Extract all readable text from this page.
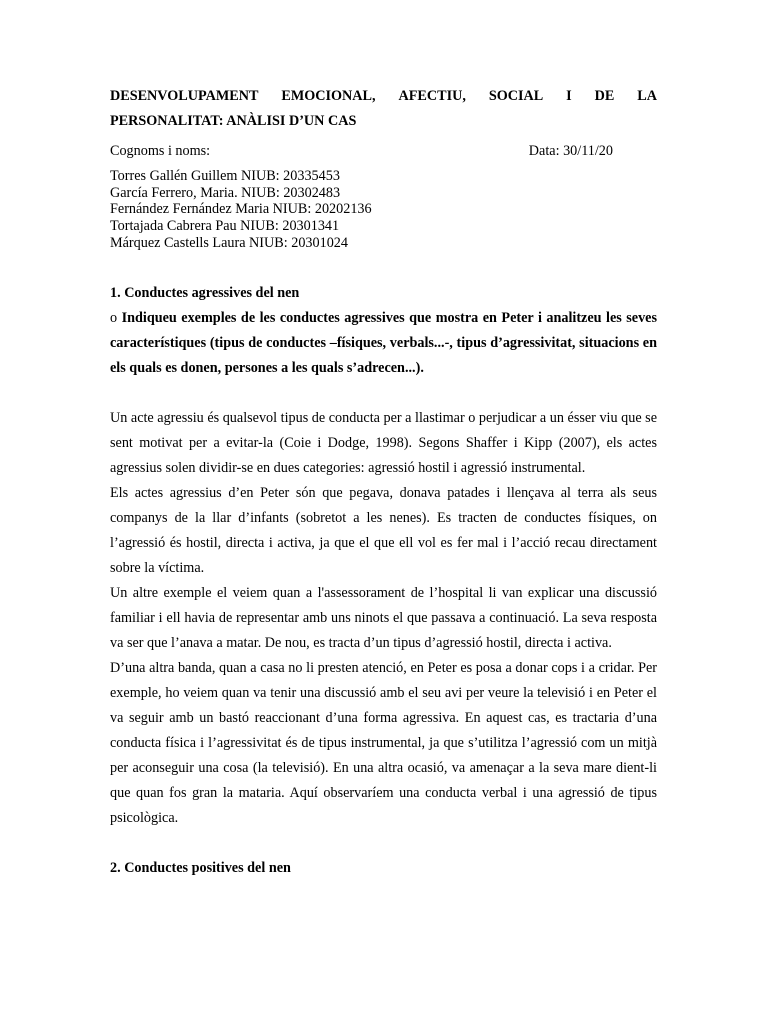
DESENVOLUPAMENT EMOCIONAL, AFECTIU, SOCIAL I DE LA
PERSONALITAT: ANÀLISI D’UN CAS
Cognoms i noms:	Data: 30/11/20
Torres Gallén Guillem NIUB: 20335453
García Ferrero, Maria. NIUB: 20302483
Fernández Fernández Maria NIUB: 20202136
Tortajada Cabrera Pau NIUB: 20301341
Márquez Castells Laura NIUB: 20301024
1. Conductes agressives del nen
o Indiqueu exemples de les conductes agressives que mostra en Peter i analitzeu les seves característiques (tipus de conductes –físiques, verbals...-, tipus d’agressivitat, situacions en els quals es donen, persones a les quals s’adrecen...).

Un acte agressiu és qualsevol tipus de conducta per a llastimar o perjudicar a un ésser viu que se sent motivat per a evitar-la (Coie i Dodge, 1998). Segons Shaffer i Kipp (2007), els actes agressius solen dividir-se en dues categories: agressió hostil i agressió instrumental.

Els actes agressius d’en Peter són que pegava, donava patades i llençava al terra als seus companys de la llar d’infants (sobretot a les nenes). Es tracten de conductes físiques, on l’agressió és hostil, directa i activa, ja que el que ell vol es fer mal i l’acció recau directament sobre la víctima.

Un altre exemple el veiem quan a l'assessorament de l’hospital li van explicar una discussió familiar i ell havia de representar amb uns ninots el que passava a continuació. La seva resposta va ser que l’anava a matar. De nou, es tracta d’un tipus d’agressió hostil, directa i activa.

D’una altra banda, quan a casa no li presten atenció, en Peter es posa a donar cops i a cridar. Per exemple, ho veiem quan va tenir una discussió amb el seu avi per veure la televisió i en Peter el va seguir amb un bastó reaccionant d’una forma agressiva. En aquest cas, es tractaria d’una conducta física i l’agressivitat és de tipus instrumental, ja que s’utilitza l’agressió com un mitjà per aconseguir una cosa (la televisió). En una altra ocasió, va amenaçar a la seva mare dient-li que quan fos gran la mataria. Aquí observaríem una conducta verbal i una agressió de tipus psicològica.

2. Conductes positives del nen
